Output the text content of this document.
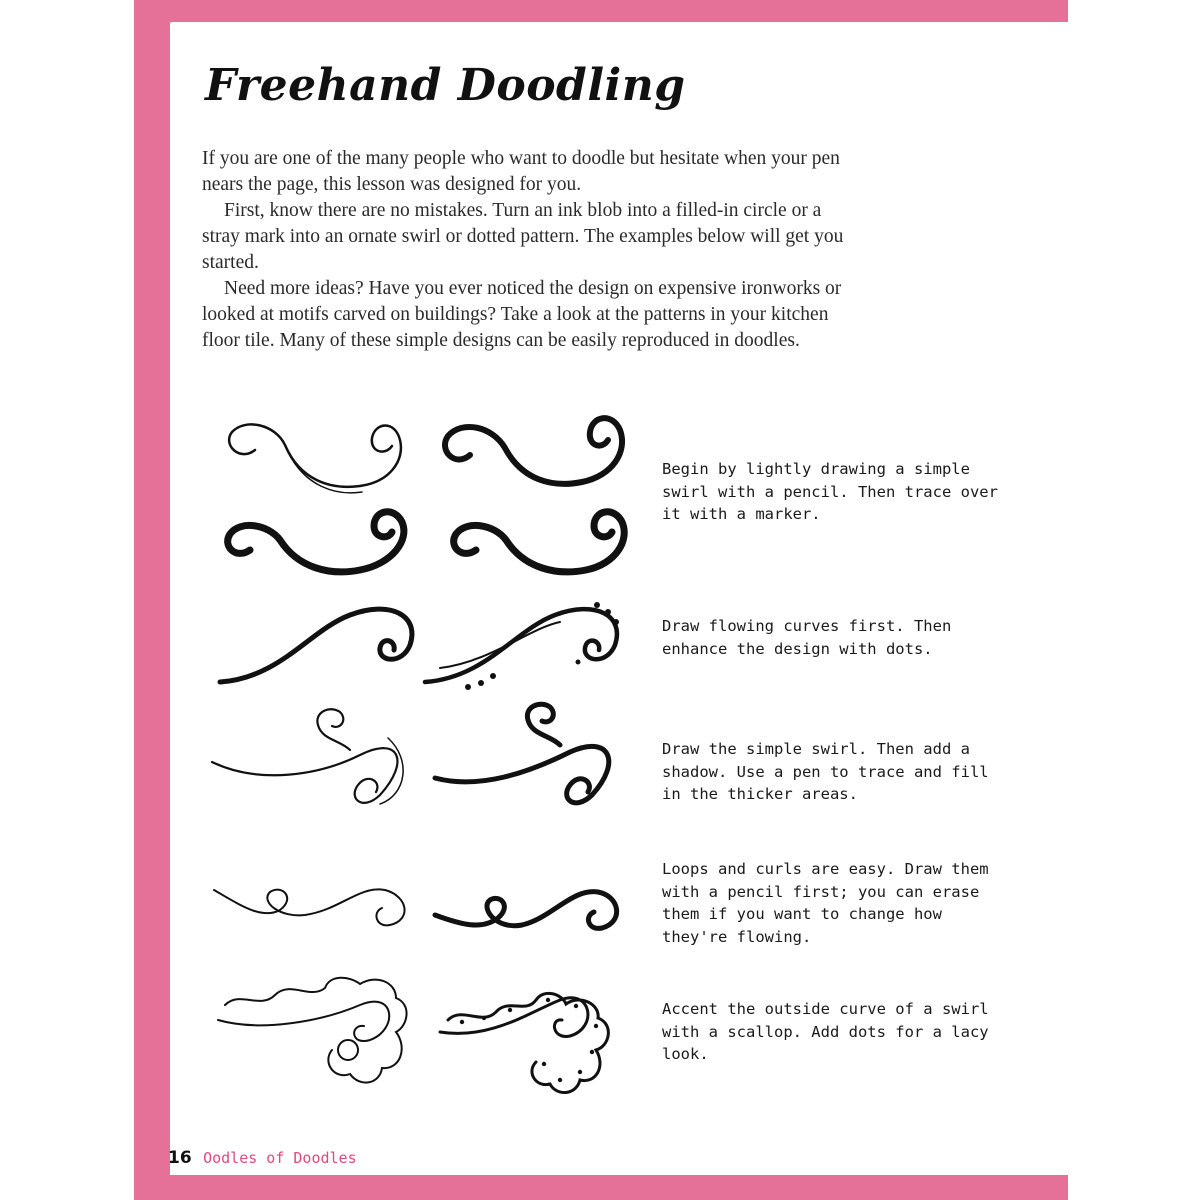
Freehand Doodling

If you are one of the many people who want to doodle but hesitate when your pen nears the page, this lesson was designed for you.

First, know there are no mistakes. Turn an ink blob into a filled-in circle or a stray mark into an ornate swirl or dotted pattern. The examples below will get you started.

Need more ideas? Have you ever noticed the design on expensive ironworks or looked at motifs carved on buildings? Take a look at the patterns in your kitchen floor tile. Many of these simple designs can be easily reproduced in doodles.

Begin by lightly drawing a simple swirl with a pencil. Then trace over it with a marker.

Draw flowing curves first. Then enhance the design with dots.

Draw the simple swirl. Then add a shadow. Use a pen to trace and fill in the thicker areas.

Loops and curls are easy. Draw them with a pencil first; you can erase them if you want to change how they're flowing.

Accent the outside curve of a swirl with a scallop. Add dots for a lacy look.

16 Oodles of Doodles
